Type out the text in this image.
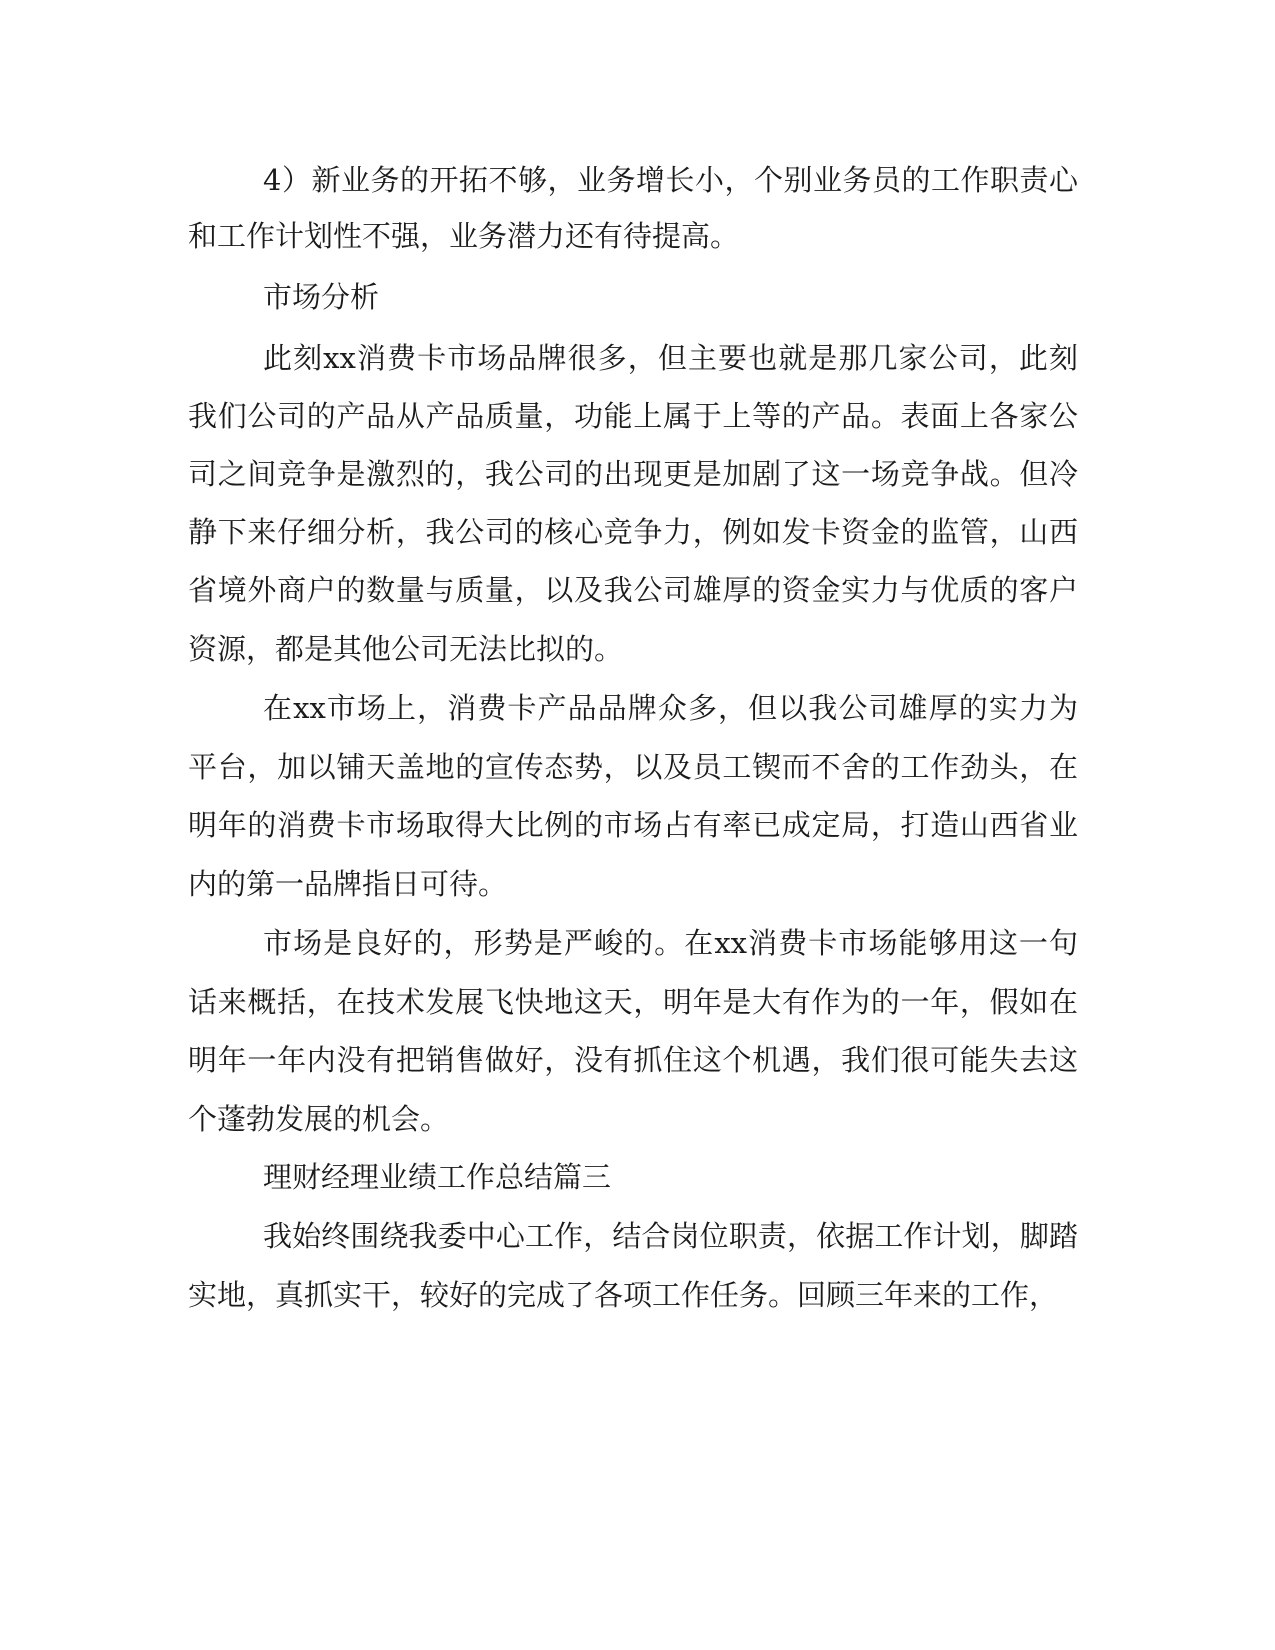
4）新业务的开拓不够，业务增长小，个别业务员的工作职责心
和工作计划性不强，业务潜力还有待提高。
市场分析
此刻xx消费卡市场品牌很多，但主要也就是那几家公司，此刻
我们公司的产品从产品质量，功能上属于上等的产品。表面上各家公
司之间竞争是激烈的，我公司的出现更是加剧了这一场竞争战。但冷
静下来仔细分析，我公司的核心竞争力，例如发卡资金的监管，山西
省境外商户的数量与质量，以及我公司雄厚的资金实力与优质的客户
资源，都是其他公司无法比拟的。
在xx市场上，消费卡产品品牌众多，但以我公司雄厚的实力为
平台，加以铺天盖地的宣传态势，以及员工锲而不舍的工作劲头，在
明年的消费卡市场取得大比例的市场占有率已成定局，打造山西省业
内的第一品牌指日可待。
市场是良好的，形势是严峻的。在xx消费卡市场能够用这一句
话来概括，在技术发展飞快地这天，明年是大有作为的一年，假如在
明年一年内没有把销售做好，没有抓住这个机遇，我们很可能失去这
个蓬勃发展的机会。
理财经理业绩工作总结篇三
我始终围绕我委中心工作，结合岗位职责，依据工作计划，脚踏
实地，真抓实干，较好的完成了各项工作任务。回顾三年来的工作，
